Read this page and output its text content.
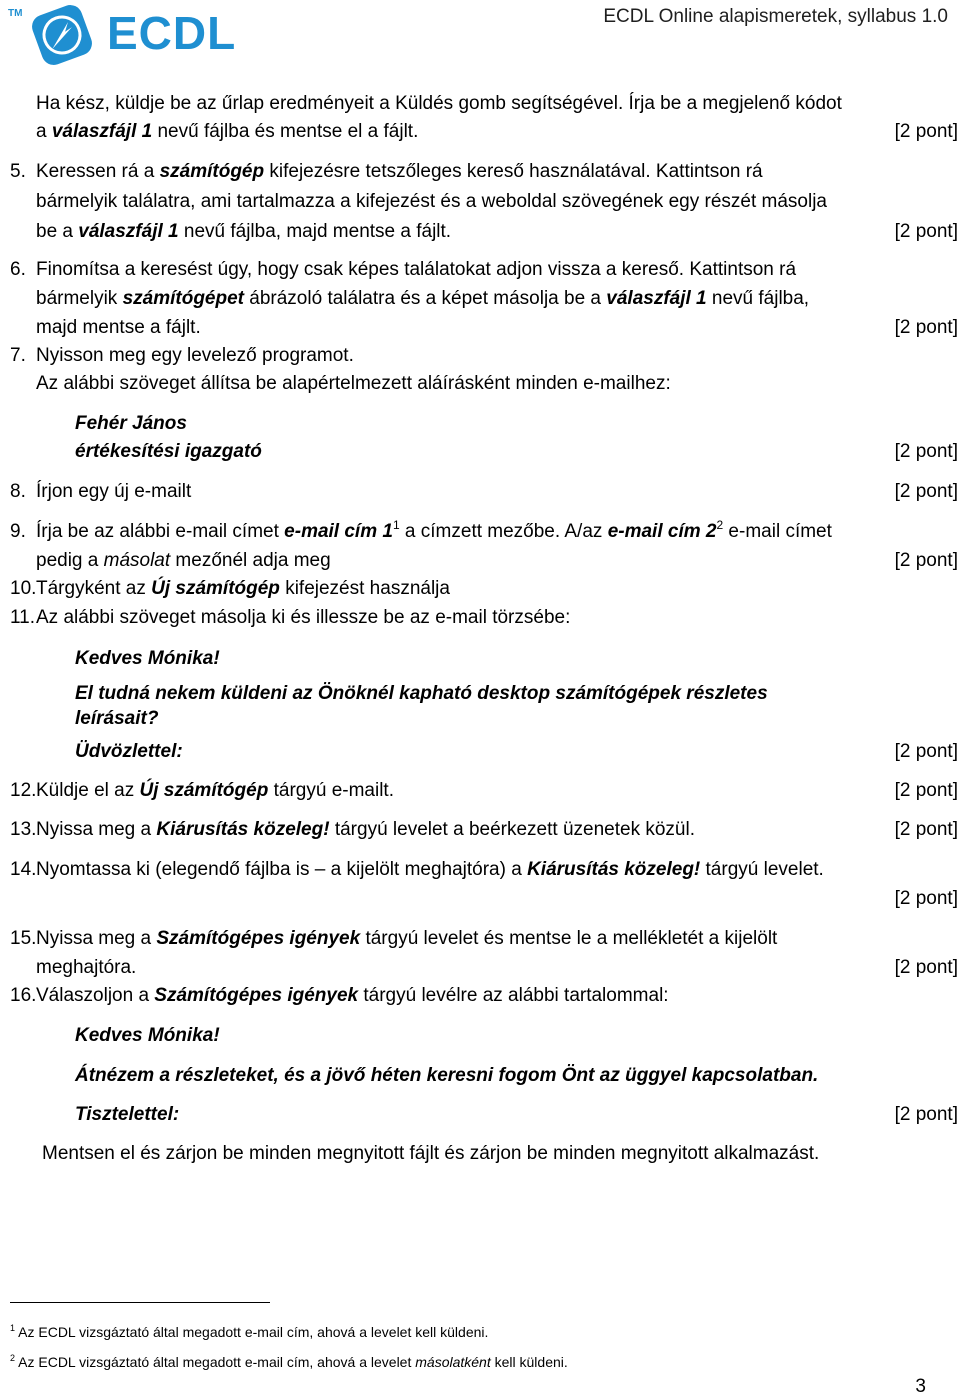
TM ECDL	ECDL Online alapismeretek, syllabus 1.0
Ha kész, küldje be az űrlap eredményeit a Küldés gomb segítségével. Írja be a megjelenő kódot
a válaszfájl 1 nevű fájlba és mentse el a fájlt.	[2 pont]
5. Keressen rá a számítógép kifejezésre tetszőleges kereső használatával. Kattintson rá
bármelyik találatra, ami tartalmazza a kifejezést és a weboldal szövegének egy részét másolja
be a válaszfájl 1 nevű fájlba, majd mentse a fájlt.	[2 pont]
6. Finomítsa a keresést úgy, hogy csak képes találatokat adjon vissza a kereső. Kattintson rá
bármelyik számítógépet ábrázoló találatra és a képet másolja be a válaszfájl 1 nevű fájlba,
majd mentse a fájlt.	[2 pont]
7. Nyisson meg egy levelező programot.
Az alábbi szöveget állítsa be alapértelmezett aláírásként minden e-mailhez:
Fehér János
értékesítési igazgató	[2 pont]
8. Írjon egy új e-mailt	[2 pont]
9. Írja be az alábbi e-mail címet e-mail cím $1^1$ a címzett mezőbe. A/az e-mail cím $2^2$ e-mail címet
pedig a másolat mezőnél adja meg	[2 pont]
10. Tárgyként az Új számítógép kifejezést használja
11. Az alábbi szöveget másolja ki és illessze be az e-mail törzsébe:
Kedves Mónika!
El tudná nekem küldeni az Önöknél kapható desktop számítógépek részletes
leírásait?
Üdvözlettel:	[2 pont]
12. Küldje el az Új számítógép tárgyú e-mailt.	[2 pont]
13. Nyissa meg a Kiárusítás közeleg! tárgyú levelet a beérkezett üzenetek közül.	[2 pont]
14. Nyomtassa ki (elegendő fájlba is – a kijelölt meghajtóra) a Kiárusítás közeleg! tárgyú levelet.
[2 pont]
15. Nyissa meg a Számítógépes igények tárgyú levelet és mentse le a mellékletét a kijelölt
meghajtóra.	[2 pont]
16. Válaszoljon a Számítógépes igények tárgyú levélre az alábbi tartalommal:
Kedves Mónika!
Átnézem a részleteket, és a jövő héten keresni fogom Önt az üggyel kapcsolatban.
Tisztelettel:	[2 pont]
Mentsen el és zárjon be minden megnyitott fájlt és zárjon be minden megnyitott alkalmazást.
$^1$ Az ECDL vizsgáztató által megadott e-mail cím, ahová a levelet kell küldeni.
$^2$ Az ECDL vizsgáztató által megadott e-mail cím, ahová a levelet másolatként kell küldeni.
3
